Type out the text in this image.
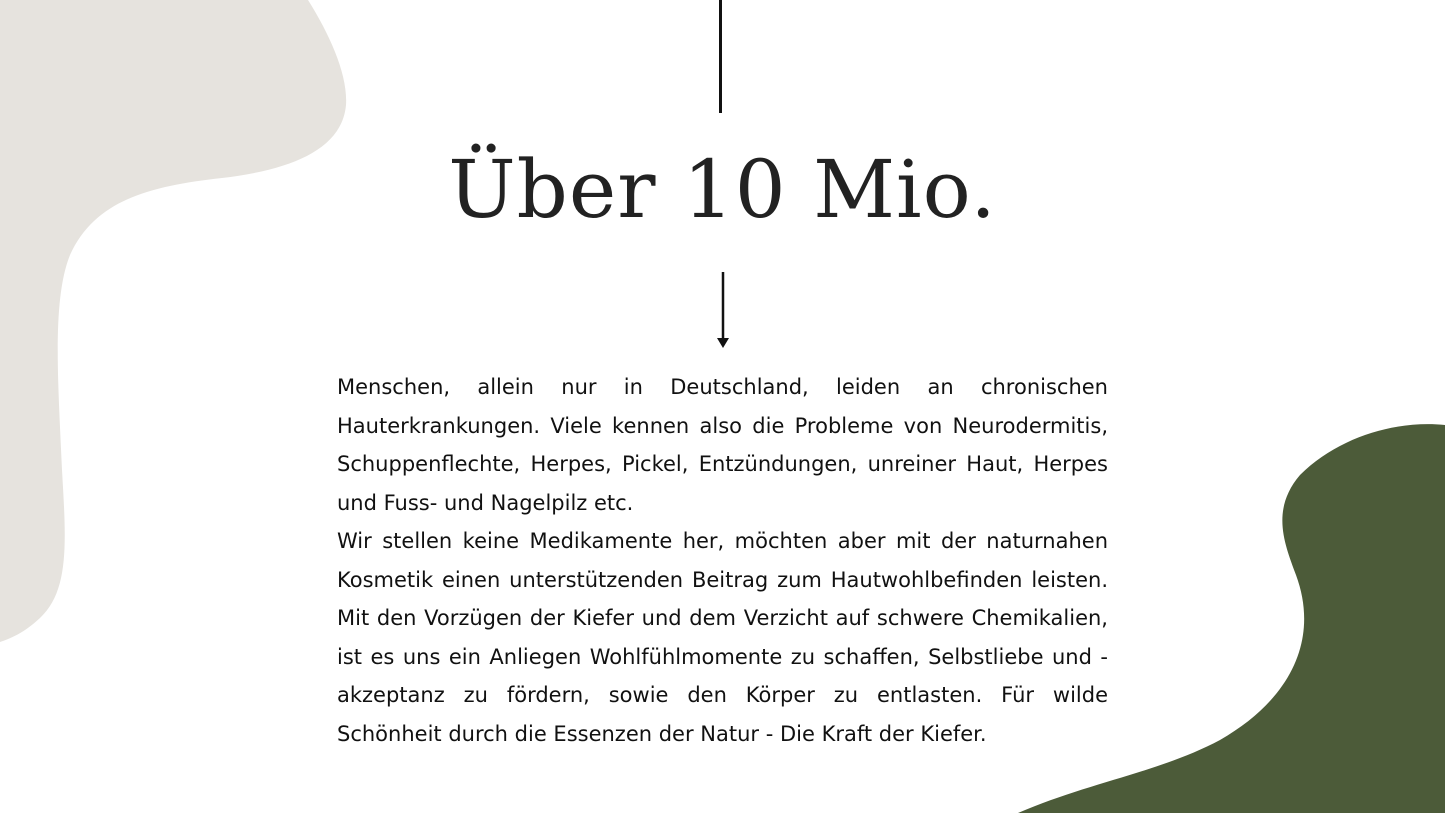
Über 10 Mio.

Menschen, allein nur in Deutschland, leiden an chronischen Hauterkrankungen. Viele kennen also die Probleme von Neurodermitis, Schuppenflechte, Herpes, Pickel, Entzündungen, unreiner Haut, Herpes und Fuss- und Nagelpilz etc.

Wir stellen keine Medikamente her, möchten aber mit der naturnahen Kosmetik einen unterstützenden Beitrag zum Hautwohlbefinden leisten. Mit den Vorzügen der Kiefer und dem Verzicht auf schwere Chemikalien, ist es uns ein Anliegen Wohlfühlmomente zu schaffen, Selbstliebe und -akzeptanz zu fördern, sowie den Körper zu entlasten. Für wilde Schönheit durch die Essenzen der Natur - Die Kraft der Kiefer.
